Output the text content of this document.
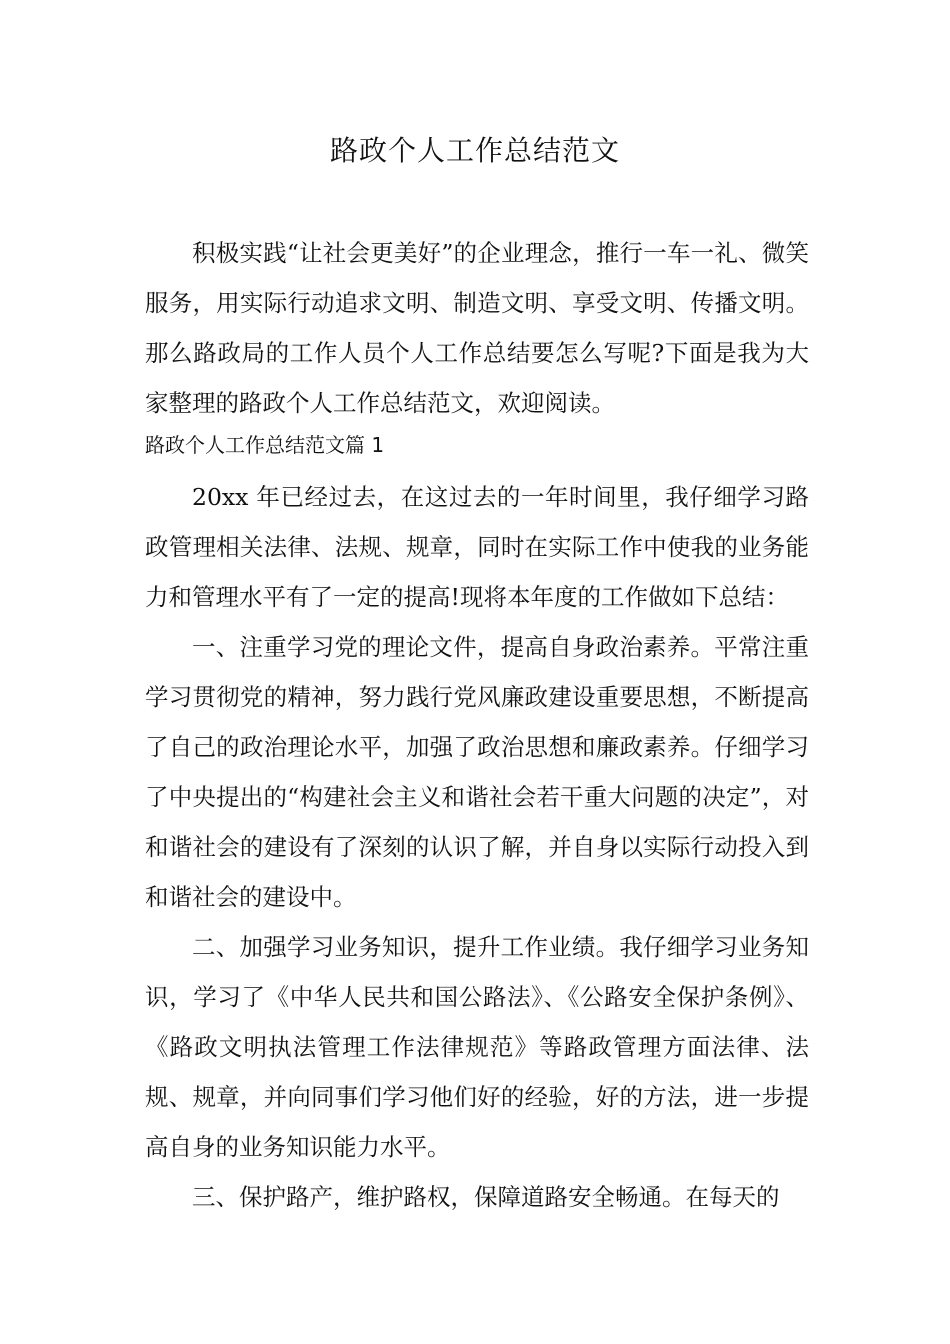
路政个人工作总结范文

积极实践“让社会更美好”的企业理念，推行一车一礼、微笑服务，用实际行动追求文明、制造文明、享受文明、传播文明。那么路政局的工作人员个人工作总结要怎么写呢?下面是我为大家整理的路政个人工作总结范文，欢迎阅读。

路政个人工作总结范文篇 1

20xx 年已经过去，在这过去的一年时间里，我仔细学习路政管理相关法律、法规、规章，同时在实际工作中使我的业务能力和管理水平有了一定的提高!现将本年度的工作做如下总结：

一、注重学习党的理论文件，提高自身政治素养。平常注重学习贯彻党的精神，努力践行党风廉政建设重要思想，不断提高了自己的政治理论水平，加强了政治思想和廉政素养。仔细学习了中央提出的“构建社会主义和谐社会若干重大问题的决定”，对和谐社会的建设有了深刻的认识了解，并自身以实际行动投入到和谐社会的建设中。

二、加强学习业务知识，提升工作业绩。我仔细学习业务知识，学习了《中华人民共和国公路法》、《公路安全保护条例》、《路政文明执法管理工作法律规范》等路政管理方面法律、法规、规章，并向同事们学习他们好的经验，好的方法，进一步提高自身的业务知识能力水平。

三、保护路产，维护路权，保障道路安全畅通。在每天的
